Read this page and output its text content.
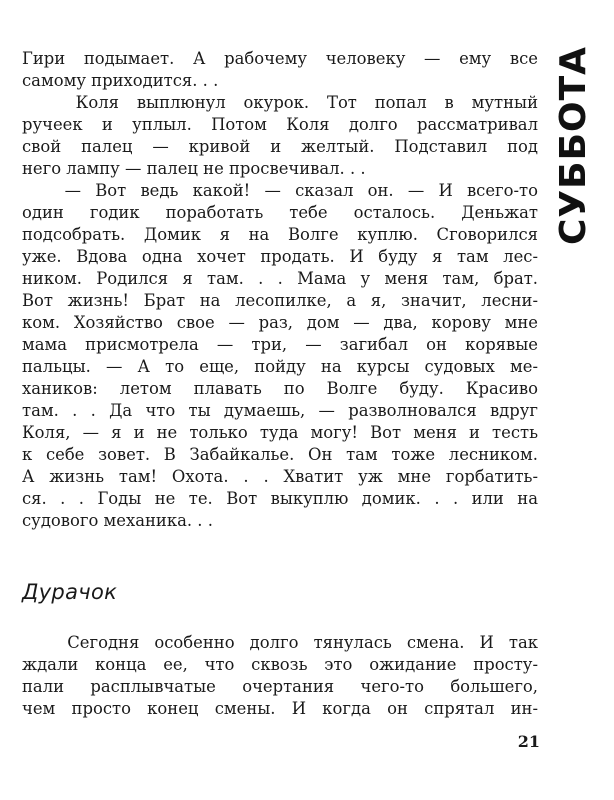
СУББОТА
Гири подымает. А рабочему человеку — ему все
самому приходится. . .
Коля выплюнул окурок. Тот попал в мутный
ручеек и уплыл. Потом Коля долго рассматривал
свой палец — кривой и желтый. Подставил под
него лампу — палец не просвечивал. . .
— Вот ведь какой! — сказал он. — И всего-то
один годик поработать тебе осталось. Деньжат
подсобрать. Домик я на Волге куплю. Сговорился
уже. Вдова одна хочет продать. И буду я там лес-
ником. Родился я там. . . Мама у меня там, брат.
Вот жизнь! Брат на лесопилке, а я, значит, лесни-
ком. Хозяйство свое — раз, дом — два, корову мне
мама присмотрела — три, — загибал он корявые
пальцы. — А то еще, пойду на курсы судовых ме-
хаников: летом плавать по Волге буду. Красиво
там. . . Да что ты думаешь, — разволновался вдруг
Коля, — я и не только туда могу! Вот меня и тесть
к себе зовет. В Забайкалье. Он там тоже лесником.
А жизнь там! Охота. . . Хватит уж мне горбатить-
ся. . . Годы не те. Вот выкуплю домик. . . или на
судового механика. . .
Дурачок
Сегодня особенно долго тянулась смена. И так
ждали конца ее, что сквозь это ожидание просту-
пали расплывчатые очертания чего-то большего,
чем просто конец смены. И когда он спрятал ин-
21
